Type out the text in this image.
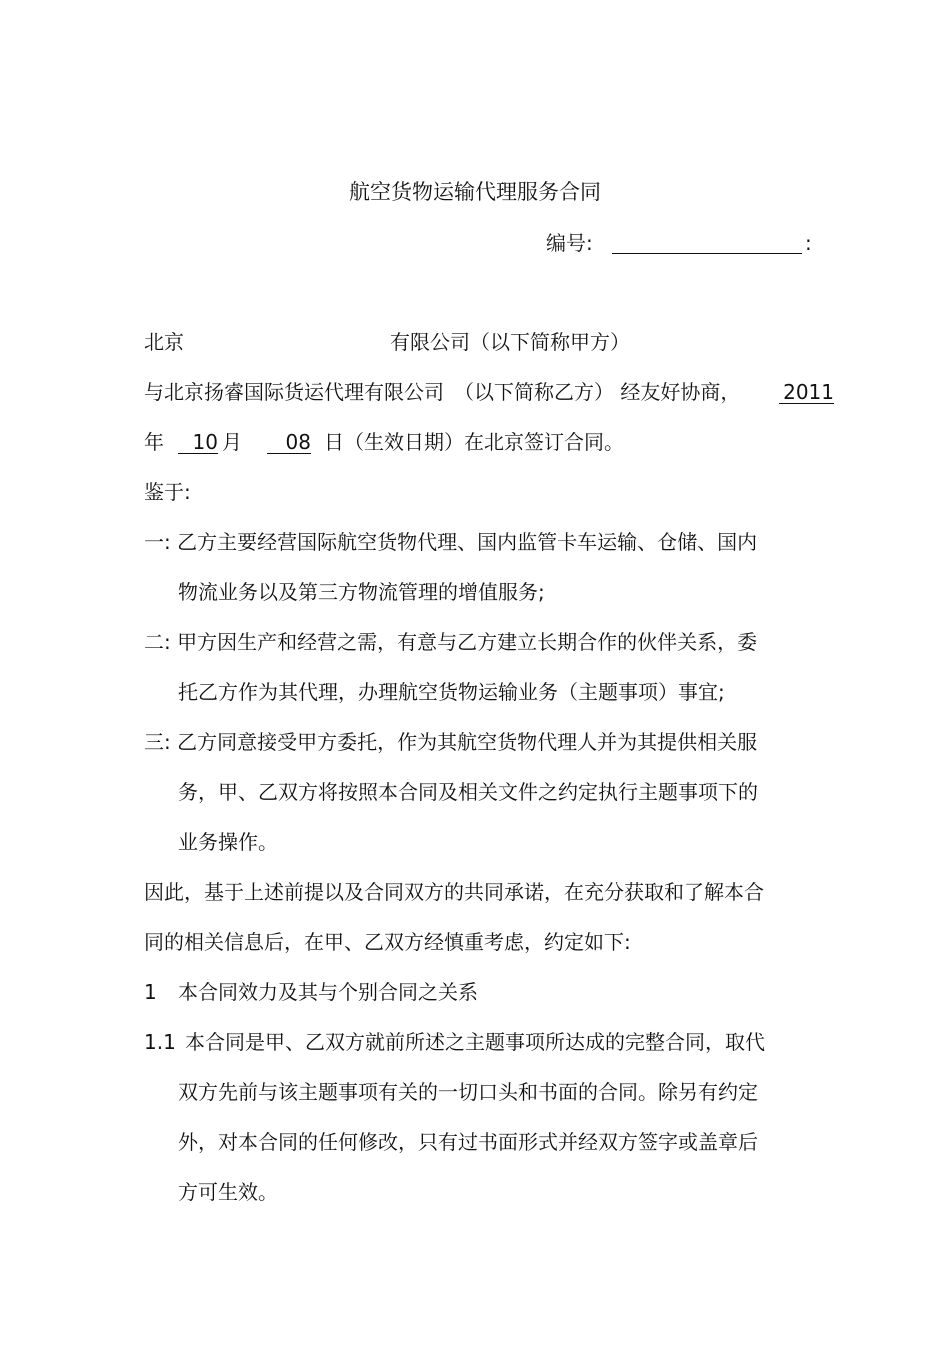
航空货物运输代理服务合同
编号:	:
北京	有限公司（以下简称甲方）
与北京扬睿国际货运代理有限公司　（以下简称乙方） 经友好协商， 2011
年	10 月	08 日（生效日期）在北京签订合同。
鉴于:
一: 乙方主要经营国际航空货物代理、国内监管卡车运输、仓储、国内
物流业务以及第三方物流管理的增值服务;
二: 甲方因生产和经营之需，有意与乙方建立长期合作的伙伴关系，委
托乙方作为其代理，办理航空货物运输业务（主题事项）事宜;
三: 乙方同意接受甲方委托，作为其航空货物代理人并为其提供相关服
务，甲、乙双方将按照本合同及相关文件之约定执行主题事项下的
业务操作。
因此，基于上述前提以及合同双方的共同承诺，在充分获取和了解本合
同的相关信息后，在甲、乙双方经慎重考虑，约定如下:
1 本合同效力及其与个别合同之关系
1.1 本合同是甲、乙双方就前所述之主题事项所达成的完整合同，取代
双方先前与该主题事项有关的一切口头和书面的合同。除另有约定
外，对本合同的任何修改，只有过书面形式并经双方签字或盖章后
方可生效。
